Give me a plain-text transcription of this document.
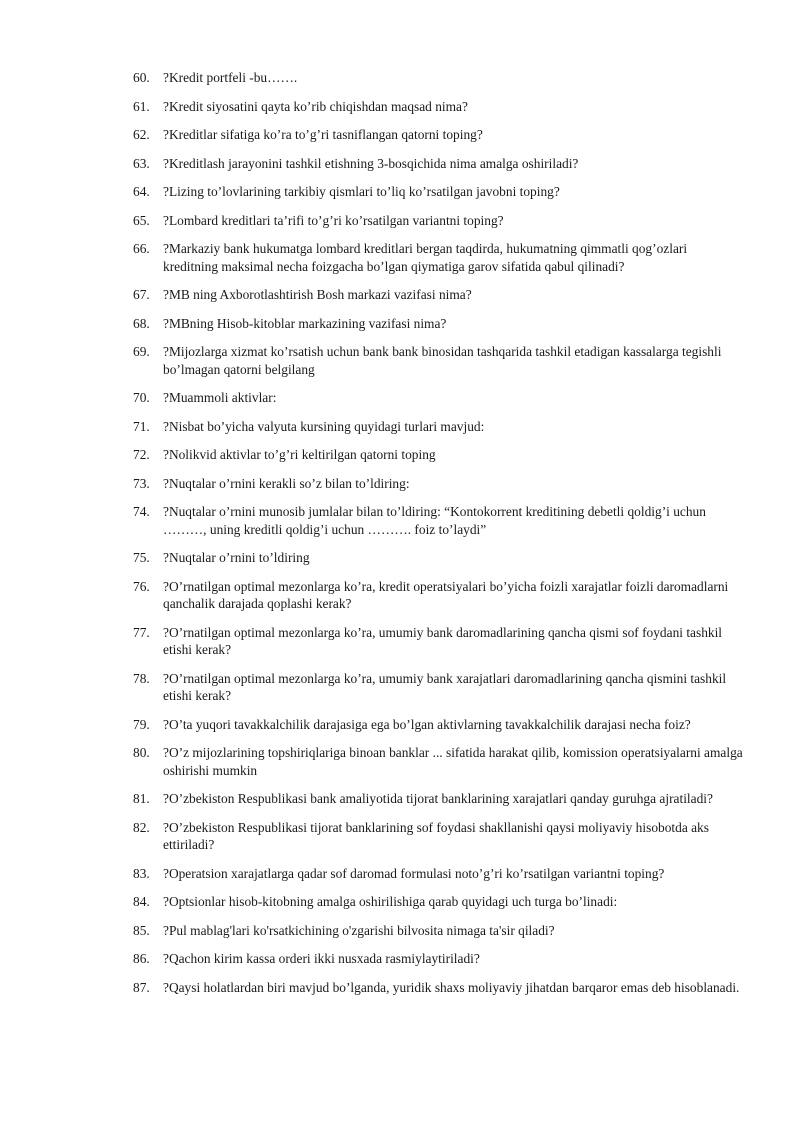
60. ?Kredit portfeli -bu…….
61. ?Kredit siyosatini qayta ko’rib chiqishdan maqsad nima?
62. ?Kreditlar sifatiga ko’ra to’g’ri tasniflangan qatorni toping?
63. ?Kreditlash jarayonini tashkil etishning 3-bosqichida nima amalga oshiriladi?
64. ?Lizing to’lovlarining tarkibiy qismlari to’liq ko’rsatilgan javobni toping?
65. ?Lombard kreditlari ta’rifi to’g’ri ko’rsatilgan variantni toping?
66. ?Markaziy bank hukumatga lombard kreditlari bergan taqdirda, hukumatning qimmatli qog’ozlari kreditning maksimal necha foizgacha bo’lgan qiymatiga garov sifatida qabul qilinadi?
67. ?MB ning Axborotlashtirish Bosh markazi vazifasi nima?
68. ?MBning Hisob-kitoblar markazining vazifasi nima?
69. ?Mijozlarga xizmat ko’rsatish uchun bank bank binosidan tashqarida tashkil etadigan kassalarga tegishli bo’lmagan qatorni belgilang
70. ?Muammoli aktivlar:
71. ?Nisbat bo’yicha valyuta kursining quyidagi turlari mavjud:
72. ?Nolikvid aktivlar to’g’ri keltirilgan qatorni toping
73. ?Nuqtalar o’rnini kerakli so’z bilan to’ldiring:
74. ?Nuqtalar o’rnini munosib jumlalar bilan to’ldiring: “Kontokorrent kreditining debetli qoldig’i uchun ………, uning kreditli qoldig’i uchun ………. foiz to’laydi”
75. ?Nuqtalar o’rnini to’ldiring
76. ?O’rnatilgan optimal mezonlarga ko’ra, kredit operatsiyalari bo’yicha foizli xarajatlar foizli daromadlarni qanchalik darajada qoplashi kerak?
77. ?O’rnatilgan optimal mezonlarga ko’ra, umumiy bank daromadlarining qancha qismi sof foydani tashkil etishi kerak?
78. ?O’rnatilgan optimal mezonlarga ko’ra, umumiy bank xarajatlari daromadlarining qancha qismini tashkil etishi kerak?
79. ?O’ta yuqori tavakkalchilik darajasiga ega bo’lgan aktivlarning tavakkalchilik darajasi necha foiz?
80. ?O’z mijozlarining topshiriqlariga binoan banklar ... sifatida harakat qilib, komission operatsiyalarni amalga oshirishi mumkin
81. ?O’zbekiston Respublikasi bank amaliyotida tijorat banklarining xarajatlari qanday guruhga ajratiladi?
82. ?O’zbekiston Respublikasi tijorat banklarining sof foydasi shakllanishi qaysi moliyaviy hisobotda aks ettiriladi?
83. ?Operatsion xarajatlarga qadar sof daromad formulasi noto’g’ri ko’rsatilgan variantni toping?
84. ?Optsionlar hisob-kitobning amalga oshirilishiga qarab quyidagi uch turga bo’linadi:
85. ?Pul mablag'lari ko'rsatkichining o'zgarishi bilvosita nimaga ta'sir qiladi?
86. ?Qachon kirim kassa orderi ikki nusxada rasmiylaytiriladi?
87. ?Qaysi holatlardan biri mavjud bo’lganda, yuridik shaxs moliyaviy jihatdan barqaror emas deb hisoblanadi.
